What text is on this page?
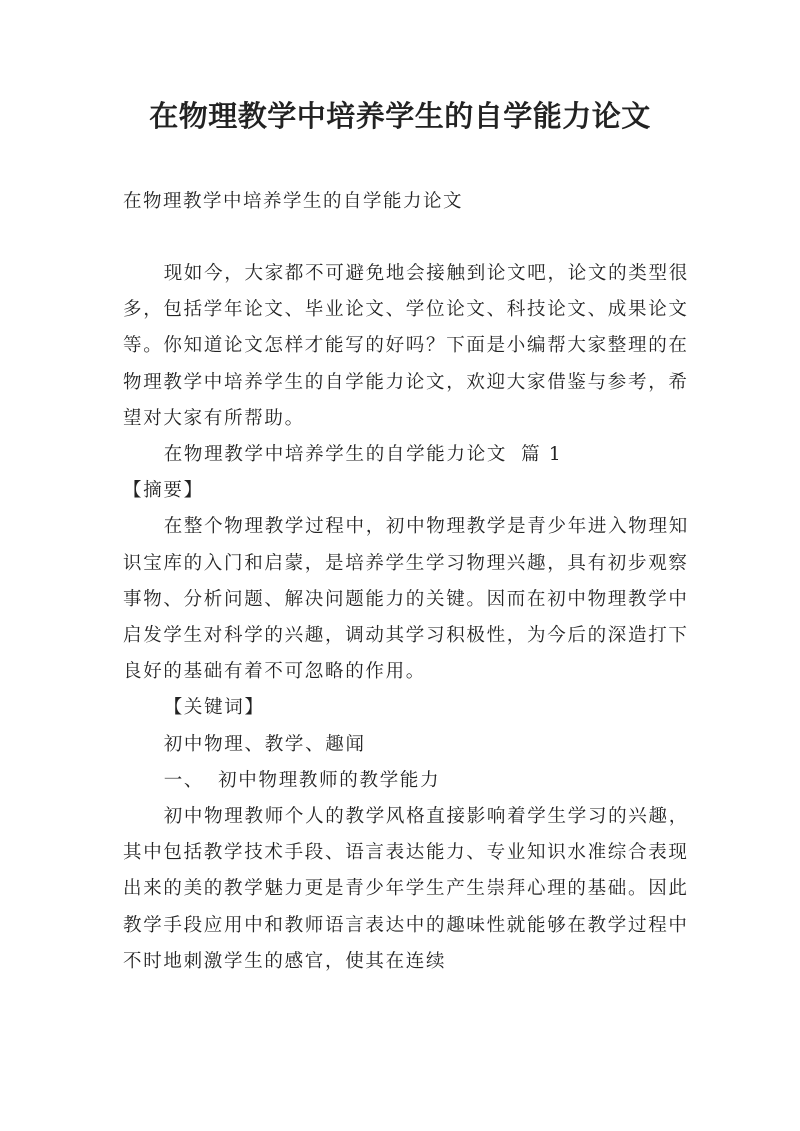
在物理教学中培养学生的自学能力论文

在物理教学中培养学生的自学能力论文

现如今，大家都不可避免地会接触到论文吧，论文的类型很多，包括学年论文、毕业论文、学位论文、科技论文、成果论文等。你知道论文怎样才能写的好吗？下面是小编帮大家整理的在物理教学中培养学生的自学能力论文，欢迎大家借鉴与参考，希望对大家有所帮助。

在物理教学中培养学生的自学能力论文 篇 1【摘要】

在整个物理教学过程中，初中物理教学是青少年进入物理知识宝库的入门和启蒙，是培养学生学习物理兴趣，具有初步观察事物、分析问题、解决问题能力的关键。因而在初中物理教学中启发学生对科学的兴趣，调动其学习积极性，为今后的深造打下良好的基础有着不可忽略的作用。

【关键词】

初中物理、教学、趣闻

一、 初中物理教师的教学能力

初中物理教师个人的教学风格直接影响着学生学习的兴趣，其中包括教学技术手段、语言表达能力、专业知识水准综合表现出来的美的教学魅力更是青少年学生产生崇拜心理的基础。因此教学手段应用中和教师语言表达中的趣味性就能够在教学过程中不时地刺激学生的感官，使其在连续
